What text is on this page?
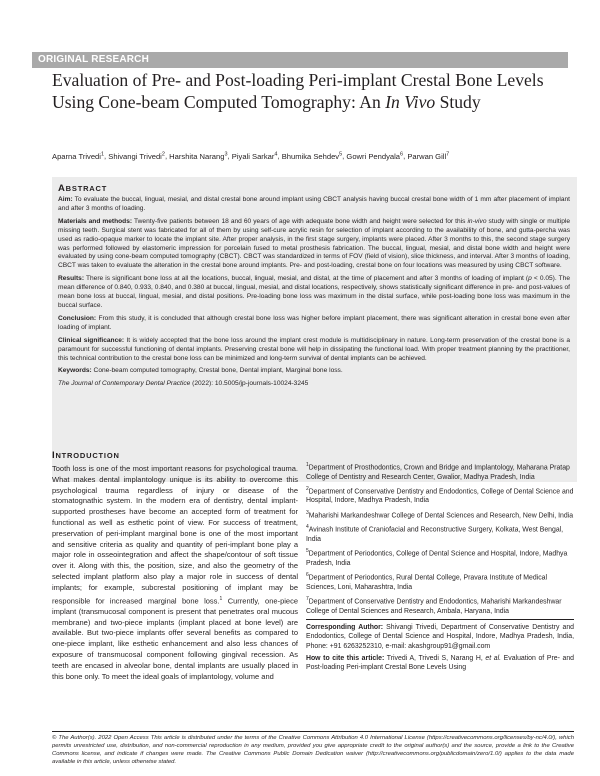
ORIGINAL RESEARCH
Evaluation of Pre- and Post-loading Peri-implant Crestal Bone Levels Using Cone-beam Computed Tomography: An In Vivo Study
Aparna Trivedi$^1$, Shivangi Trivedi$^2$, Harshita Narang$^3$, Piyali Sarkar$^4$, Bhumika Sehdev$^5$, Gowri Pendyala$^6$, Parwan Gill$^7$
ABSTRACT

Aim: To evaluate the buccal, lingual, mesial, and distal crestal bone around implant using CBCT analysis having buccal crestal bone width of 1 mm after placement of implant and after 3 months of loading.

Materials and methods: Twenty-five patients between 18 and 60 years of age with adequate bone width and height were selected for this in-vivo study with single or multiple missing teeth. Surgical stent was fabricated for all of them by using self-cure acrylic resin for selection of implant according to the availability of bone, and gutta-percha was used as radio-opaque marker to locate the implant site. After proper analysis, in the first stage surgery, implants were placed. After 3 months to this, the second stage surgery was performed followed by elastomeric impression for porcelain fused to metal prosthesis fabrication. The buccal, lingual, mesial, and distal bone width and height were evaluated by using cone-beam computed tomography (CBCT). CBCT was standardized in terms of FOV (field of vision), slice thickness, and interval. After 3 months of loading, CBCT was taken to evaluate the alteration in the crestal bone around implants. Pre- and post-loading, crestal bone on four locations was measured by using CBCT software.

Results: There is significant bone loss at all the locations, buccal, lingual, mesial, and distal, at the time of placement and after 3 months of loading of implant (p < 0.05). The mean difference of 0.840, 0.933, 0.840, and 0.380 at buccal, lingual, mesial, and distal locations, respectively, shows statistically significant difference in pre- and post-values of mean bone loss at buccal, lingual, mesial, and distal positions. Pre-loading bone loss was maximum in the distal surface, while post-loading bone loss was maximum in the buccal surface.

Conclusion: From this study, it is concluded that although crestal bone loss was higher before implant placement, there was significant alteration in crestal bone even after loading of implant.

Clinical significance: It is widely accepted that the bone loss around the implant crest module is multidisciplinary in nature. Long-term preservation of the crestal bone is a paramount for successful functioning of dental implants. Preserving crestal bone will help in dissipating the functional load. With proper treatment planning by the practitioner, this technical contribution to the crestal bone loss can be minimized and long-term survival of dental implants can be achieved.

Keywords: Cone-beam computed tomography, Crestal bone, Dental implant, Marginal bone loss.

The Journal of Contemporary Dental Practice (2022): 10.5005/jp-journals-10024-3245

INTRODUCTION

Tooth loss is one of the most important reasons for psychological trauma. What makes dental implantology unique is its ability to overcome this psychological trauma regardless of injury or disease of the stomatognathic system. In the modern era of dentistry, dental implant-supported prostheses have become an accepted form of treatment for functional as well as esthetic point of view. For success of treatment, preservation of peri-implant marginal bone is one of the most important and sensitive criteria as quality and quantity of peri-implant bone play a major role in osseointegration and affect the shape/contour of soft tissue over it. Along with this, the position, size, and also the geometry of the selected implant platform also play a major role in success of dental implants; for example, subcrestal positioning of implant may be responsible for increased marginal bone loss.$^1$ Currently, one-piece implant (transmucosal component is present that penetrates oral mucous membrane) and two-piece implants (implant placed at bone level) are available. But two-piece implants offer several benefits as compared to one-piece implant, like esthetic enhancement and also less chances of exposure of transmucosal component following gingival recession. As teeth are encased in alveolar bone, dental implants are usually placed in this bone only. To meet the ideal goals of implantology, volume and

$^1$Department of Prosthodontics, Crown and Bridge and Implantology, Maharana Pratap College of Dentistry and Research Center, Gwalior, Madhya Pradesh, India

$^2$Department of Conservative Dentistry and Endodontics, College of Dental Science and Hospital, Indore, Madhya Pradesh, India

$^3$Maharishi Markandeshwar College of Dental Sciences and Research, New Delhi, India

$^4$Avinash Institute of Craniofacial and Reconstructive Surgery, Kolkata, West Bengal, India

$^5$Department of Periodontics, College of Dental Science and Hospital, Indore, Madhya Pradesh, India

$^6$Department of Periodontics, Rural Dental College, Pravara Institute of Medical Sciences, Loni, Maharashtra, India

$^7$Department of Conservative Dentistry and Endodontics, Maharishi Markandeshwar College of Dental Sciences and Research, Ambala, Haryana, India

Corresponding Author: Shivangi Trivedi, Department of Conservative Dentistry and Endodontics, College of Dental Science and Hospital, Indore, Madhya Pradesh, India, Phone: +91 6263252310, e-mail: akashgroup91@gmail.com

How to cite this article: Trivedi A, Trivedi S, Narang H, et al. Evaluation of Pre- and Post-loading Peri-implant Crestal Bone Levels Using

© The Author(s). 2022 Open Access This article is distributed under the terms of the Creative Commons Attribution 4.0 International License (https://creativecommons.org/licenses/by-nc/4.0/), which permits unrestricted use, distribution, and non-commercial reproduction in any medium, provided you give appropriate credit to the original author(s) and the source, provide a link to the Creative Commons license, and indicate if changes were made. The Creative Commons Public Domain Dedication waiver (http://creativecommons.org/publicdomain/zero/1.0/) applies to the data made available in this article, unless otherwise stated.
